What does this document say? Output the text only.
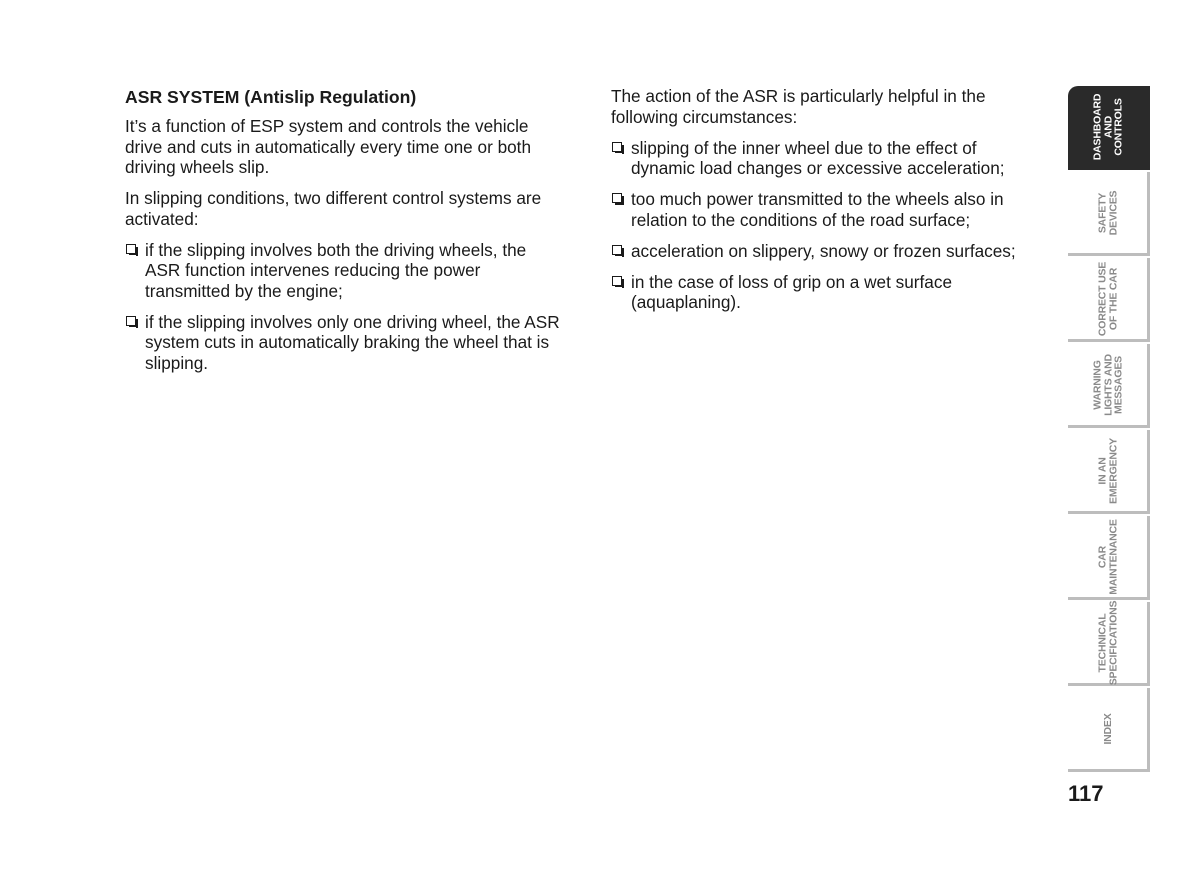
ASR SYSTEM (Antislip Regulation)

It’s a function of ESP system and controls the vehicle drive and cuts in automatically every time one or both driving wheels slip.

In slipping conditions, two different control systems are activated:

if the slipping involves both the driving wheels, the ASR function intervenes reducing the power transmitted by the engine;
if the slipping involves only one driving wheel, the ASR system cuts in automatically braking the wheel that is slipping.

The action of the ASR is particularly helpful in the following circumstances:

slipping of the inner wheel due to the effect of dynamic load changes or excessive acceleration;
too much power transmitted to the wheels also in relation to the conditions of the road surface;
acceleration on slippery, snowy or frozen surfaces;
in the case of loss of grip on a wet surface (aquaplaning).
DASHBOARD
AND
CONTROLS
SAFETY
DEVICES
CORRECT USE
OF THE CAR
WARNING
LIGHTS AND
MESSAGES
IN AN
EMERGENCY
CAR
MAINTENANCE
TECHNICAL
SPECIFICATIONS
INDEX
117
